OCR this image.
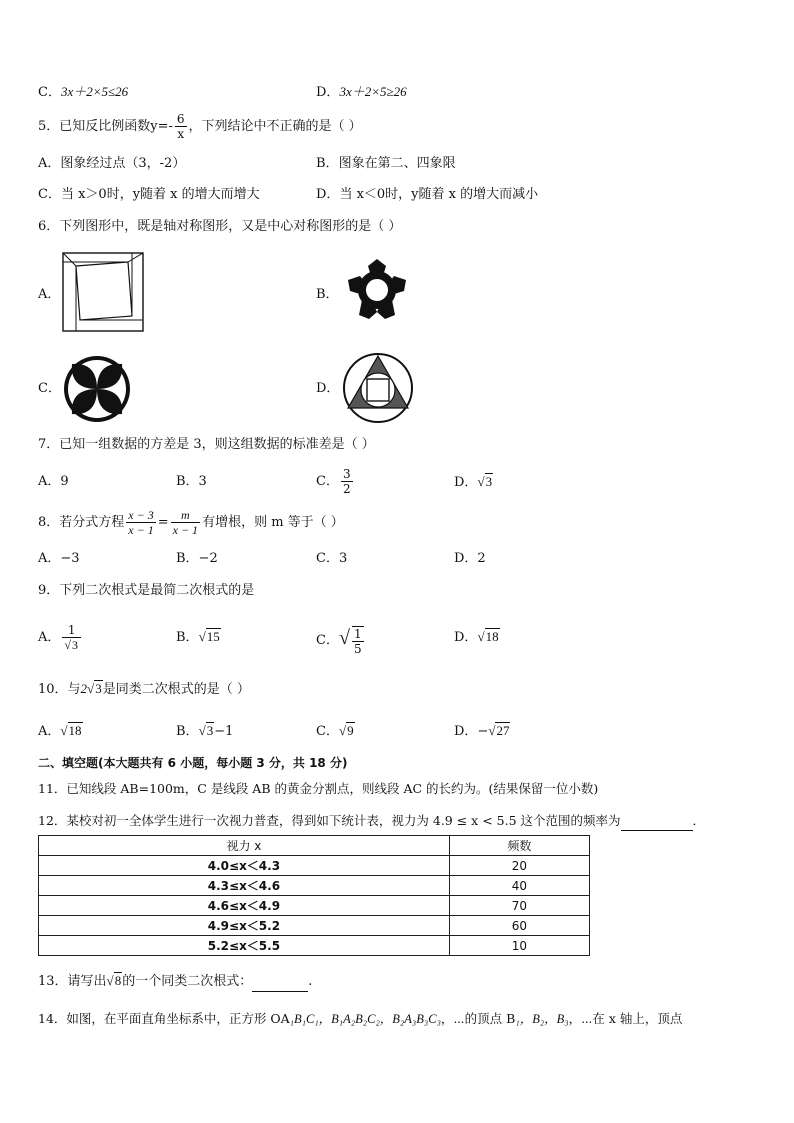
C．3x＋2×5≤26	D．3x＋2×5≥26
5．已知反比例函数$y=- \frac{6}{x}$ ，下列结论中不正确的是（ ）
A．图象经过点（3，-2）	B．图象在第二、四象限
C．当 x＞0时，y随着 x 的增大而增大	D．当 x＜0时，y随着 x 的增大而减小
6．下列图形中，既是轴对称图形，又是中心对称图形的是（ ）
A．	B．
C．	D．
7．已知一组数据的方差是 3，则这组数据的标准差是（ ）
A．9	B．3	C． $\frac{3}{2}$	D．√3
8．若分式方程 $\frac{x - 3}{x - 1} = \frac{m}{x - 1}$ 有增根，则 m 等于（ ）
A．−3	B．−2	C．3	D．2
9．下列二次根式是最简二次根式的是
A． $\frac{1}{√3}$	B．√15	C．√ $\frac{1}{5}$	D．√18
10．与2√3是同类二次根式的是（ ）
A．√18	B．√3−1	C．√9	D．−√27
二、填空题(本大题共有 6 小题，每小题 3 分，共 18 分)
11．已知线段 AB=100m，C 是线段 AB 的黄金分割点，则线段 AC 的长约为。(结果保留一位小数)
12．某校对初一全体学生进行一次视力普查，得到如下统计表，视力为 4.9 ≤ x < 5.5 这个范围的频率为	．
视力 x	频数
4.0≤x＜4.3	20
4.3≤x＜4.6	40
4.6≤x＜4.9	70
4.9≤x＜5.2	60
5.2≤x＜5.5	10
13．请写出√8的一个同类二次根式：	.
14．如图，在平面直角坐标系中，正方形 OA₁B₁C₁，B₁A₂B₂C₂，B₂A₃B₃C₃，⋯的顶点 B₁，B₂，B₃，⋯在 x 轴上，顶点
